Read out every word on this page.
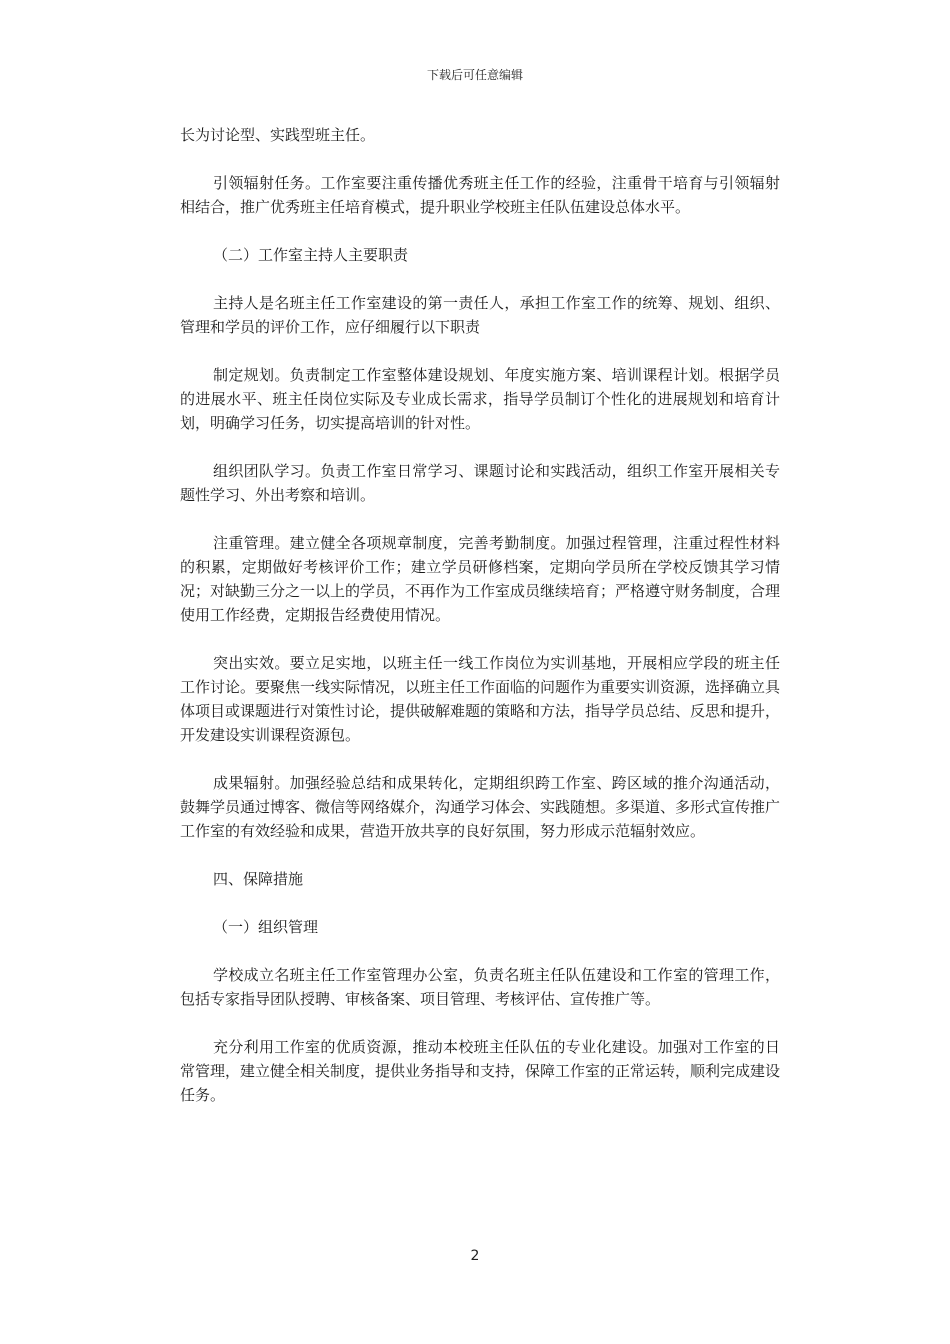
下载后可任意编辑

长为讨论型、实践型班主任。

引领辐射任务。工作室要注重传播优秀班主任工作的经验，注重骨干培育与引领辐射相结合，推广优秀班主任培育模式，提升职业学校班主任队伍建设总体水平。

（二）工作室主持人主要职责

主持人是名班主任工作室建设的第一责任人，承担工作室工作的统筹、规划、组织、管理和学员的评价工作，应仔细履行以下职责

制定规划。负责制定工作室整体建设规划、年度实施方案、培训课程计划。根据学员的进展水平、班主任岗位实际及专业成长需求，指导学员制订个性化的进展规划和培育计划，明确学习任务，切实提高培训的针对性。

组织团队学习。负责工作室日常学习、课题讨论和实践活动，组织工作室开展相关专题性学习、外出考察和培训。

注重管理。建立健全各项规章制度，完善考勤制度。加强过程管理，注重过程性材料的积累，定期做好考核评价工作；建立学员研修档案，定期向学员所在学校反馈其学习情况；对缺勤三分之一以上的学员，不再作为工作室成员继续培育；严格遵守财务制度，合理使用工作经费，定期报告经费使用情况。

突出实效。要立足实地，以班主任一线工作岗位为实训基地，开展相应学段的班主任工作讨论。要聚焦一线实际情况，以班主任工作面临的问题作为重要实训资源，选择确立具体项目或课题进行对策性讨论，提供破解难题的策略和方法，指导学员总结、反思和提升，开发建设实训课程资源包。

成果辐射。加强经验总结和成果转化，定期组织跨工作室、跨区域的推介沟通活动，鼓舞学员通过博客、微信等网络媒介，沟通学习体会、实践随想。多渠道、多形式宣传推广工作室的有效经验和成果，营造开放共享的良好氛围，努力形成示范辐射效应。

四、保障措施

（一）组织管理

学校成立名班主任工作室管理办公室，负责名班主任队伍建设和工作室的管理工作，包括专家指导团队授聘、审核备案、项目管理、考核评估、宣传推广等。

充分利用工作室的优质资源，推动本校班主任队伍的专业化建设。加强对工作室的日常管理，建立健全相关制度，提供业务指导和支持，保障工作室的正常运转，顺利完成建设任务。

2
